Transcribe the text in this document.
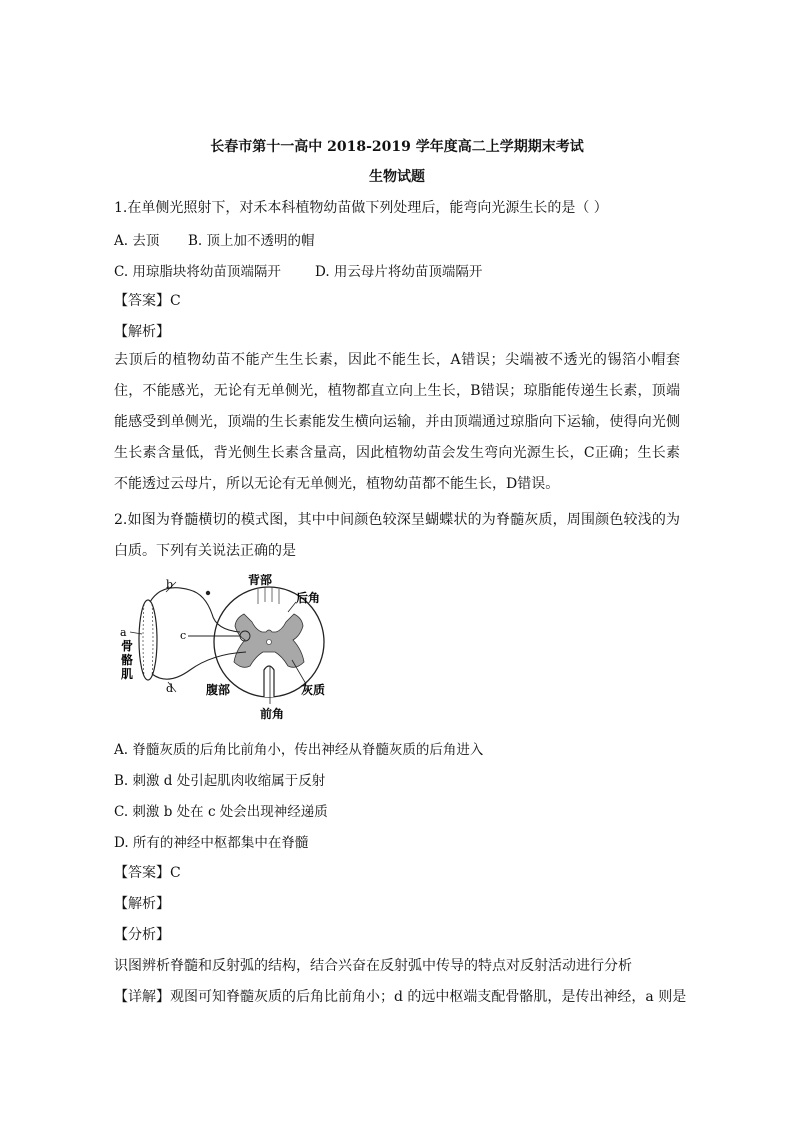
长春市第十一高中 2018-2019 学年度高二上学期期末考试
生物试题
1.在单侧光照射下，对禾本科植物幼苗做下列处理后，能弯向光源生长的是（ ）
A. 去顶 B. 顶上加不透明的帽
C. 用琼脂块将幼苗顶端隔开	D. 用云母片将幼苗顶端隔开
【答案】C
【解析】
去顶后的植物幼苗不能产生生长素，因此不能生长，A错误；尖端被不透光的锡箔小帽套住，不能感光，无论有无单侧光，植物都直立向上生长，B错误；琼脂能传递生长素，顶端能感受到单侧光，顶端的生长素能发生横向运输，并由顶端通过琼脂向下运输，使得向光侧生长素含量低，背光侧生长素含量高，因此植物幼苗会发生弯向光源生长，C正确；生长素不能透过云母片，所以无论有无单侧光，植物幼苗都不能生长，D错误。
2.如图为脊髓横切的模式图，其中中间颜色较深呈蝴蝶状的为脊髓灰质，周围颜色较浅的为白质。下列有关说法正确的是
b
a	c
d
骨
骼
肌
背部
后角
腹部	灰质
前角
A. 脊髓灰质的后角比前角小，传出神经从脊髓灰质的后角进入
B. 刺激 d 处引起肌肉收缩属于反射
C. 刺激 b 处在 c 处会出现神经递质
D. 所有的神经中枢都集中在脊髓
【答案】C
【解析】
【分析】
识图辨析脊髓和反射弧的结构，结合兴奋在反射弧中传导的特点对反射活动进行分析
【详解】观图可知脊髓灰质的后角比前角小；d 的远中枢端支配骨骼肌，是传出神经，a 则是
